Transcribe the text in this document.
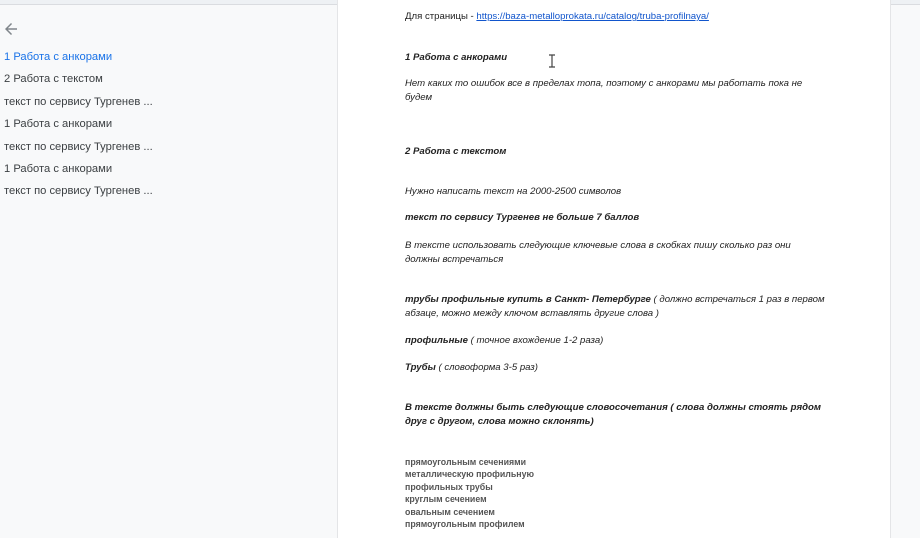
1 Работа с анкорами
2 Работа с текстом
текст по сервису Тургенев ...
1 Работа с анкорами
текст по сервису Тургенев ...
1 Работа с анкорами
текст по сервису Тургенев ...
Для страницы - https://baza-metalloprokata.ru/catalog/truba-profilnaya/
1 Работа с анкорами
Нет каких то ошибок все в пределах топа, поэтому с анкорами мы работать пока не будем
2 Работа с текстом
Нужно написать текст на 2000-2500 символов
текст по сервису Тургенев не больше 7 баллов
В тексте использовать следующие ключевые слова в скобках пишу сколько раз они должны встречаться
трубы профильные купить в Санкт- Петербурге ( должно встречаться 1 раз в первом абзаце, можно между ключом вставлять другие слова )
профильные ( точное вхождение 1-2 раза)
Трубы ( словоформа 3-5 раз)
В тексте должны быть следующие словосочетания ( слова должны стоять рядом друг с другом, слова можно склонять)
прямоугольным сечениями
металлическую профильную
профильных трубы
круглым сечением
овальным сечением
прямоугольным профилем
